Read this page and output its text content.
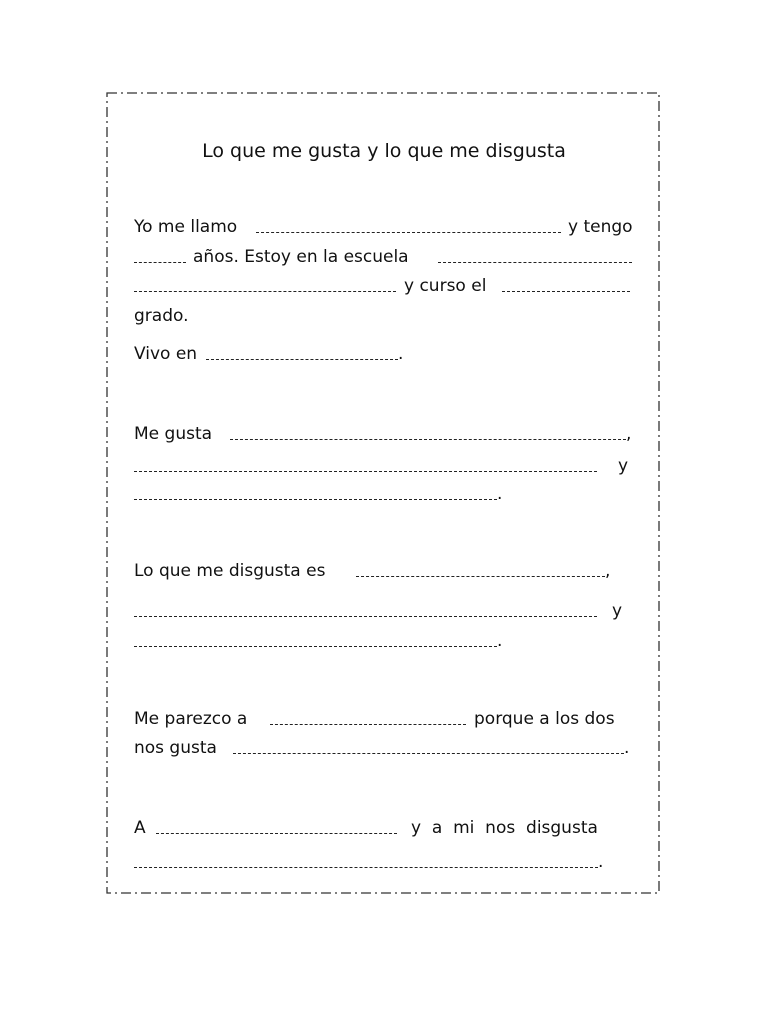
Lo que me gusta y lo que me disgusta
Yo me llamo	y tengo
años. Estoy en la escuela
y curso el
grado.
Vivo en	.
Me gusta	,
y
.
Lo que me disgusta es	,
y
.
Me parezco a	porque a los dos
nos gusta	.
A	y  a  mi  nos  disgusta
.
